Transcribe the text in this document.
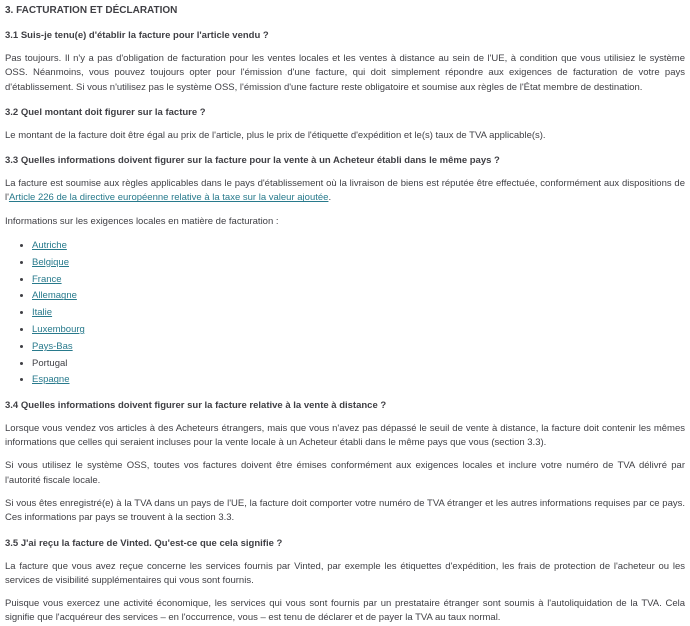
3. FACTURATION ET DÉCLARATION
3.1 Suis-je tenu(e) d'établir la facture pour l'article vendu ?

Pas toujours. Il n'y a pas d'obligation de facturation pour les ventes locales et les ventes à distance au sein de l'UE, à condition que vous utilisiez le système OSS. Néanmoins, vous pouvez toujours opter pour l'émission d'une facture, qui doit simplement répondre aux exigences de facturation de votre pays d'établissement. Si vous n'utilisez pas le système OSS, l'émission d'une facture reste obligatoire et soumise aux règles de l'État membre de destination.

3.2 Quel montant doit figurer sur la facture ?

Le montant de la facture doit être égal au prix de l'article, plus le prix de l'étiquette d'expédition et le(s) taux de TVA applicable(s).

3.3 Quelles informations doivent figurer sur la facture pour la vente à un Acheteur établi dans le même pays ?

La facture est soumise aux règles applicables dans le pays d'établissement où la livraison de biens est réputée être effectuée, conformément aux dispositions de l'Article 226 de la directive européenne relative à la taxe sur la valeur ajoutée.

Informations sur les exigences locales en matière de facturation :

• Autriche
• Belgique
• France
• Allemagne
• Italie
• Luxembourg
• Pays-Bas
• Portugal
• Espagne
3.4 Quelles informations doivent figurer sur la facture relative à la vente à distance ?

Lorsque vous vendez vos articles à des Acheteurs étrangers, mais que vous n'avez pas dépassé le seuil de vente à distance, la facture doit contenir les mêmes informations que celles qui seraient incluses pour la vente locale à un Acheteur établi dans le même pays que vous (section 3.3).

Si vous utilisez le système OSS, toutes vos factures doivent être émises conformément aux exigences locales et inclure votre numéro de TVA délivré par l'autorité fiscale locale.

Si vous êtes enregistré(e) à la TVA dans un pays de l'UE, la facture doit comporter votre numéro de TVA étranger et les autres informations requises par ce pays. Ces informations par pays se trouvent à la section 3.3.

3.5 J'ai reçu la facture de Vinted. Qu'est-ce que cela signifie ?

La facture que vous avez reçue concerne les services fournis par Vinted, par exemple les étiquettes d'expédition, les frais de protection de l'acheteur ou les services de visibilité supplémentaires qui vous sont fournis.

Puisque vous exercez une activité économique, les services qui vous sont fournis par un prestataire étranger sont soumis à l'autoliquidation de la TVA. Cela signifie que l'acquéreur des services – en l'occurrence, vous – est tenu de déclarer et de payer la TVA au taux normal.
